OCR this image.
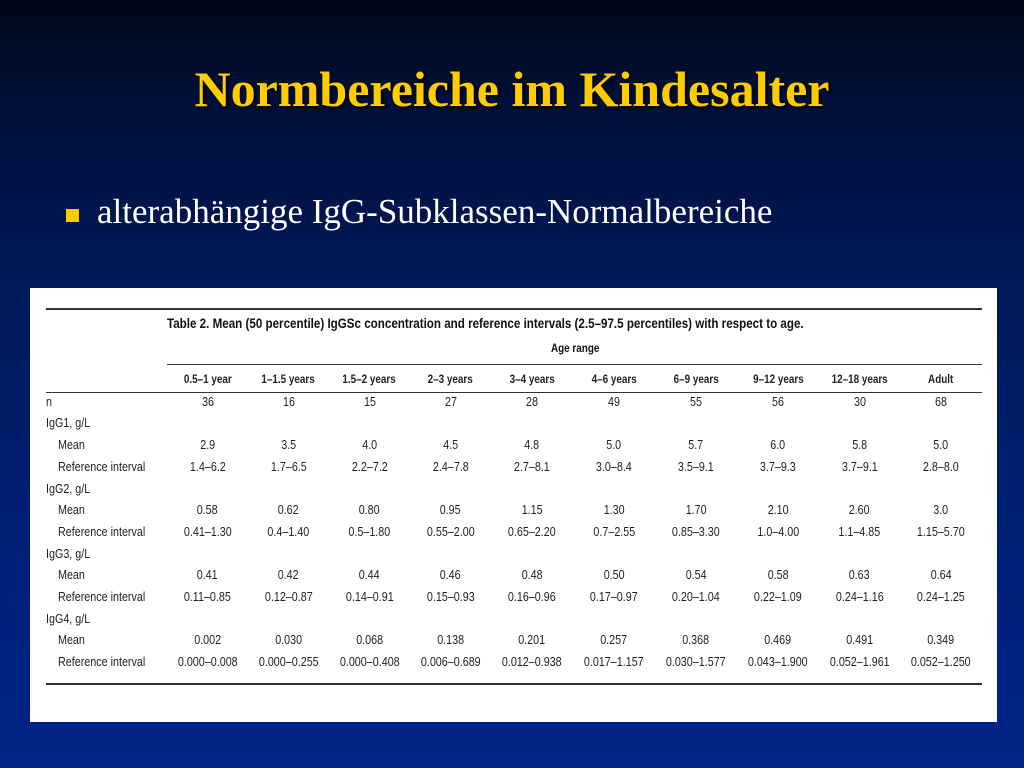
Normbereiche im Kindesalter
alterabhängige IgG-Subklassen-Normalbereiche
Table 2. Mean (50 percentile) IgGSc concentration and reference intervals (2.5–97.5 percentiles) with respect to age.
Age range
	0.5–1 year	1–1.5 years	1.5–2 years	2–3 years	3–4 years	4–6 years	6–9 years	9–12 years	12–18 years	Adult
n	36	16	15	27	28	49	55	56	30	68
IgG1, g/L										
Mean	2.9	3.5	4.0	4.5	4.8	5.0	5.7	6.0	5.8	5.0
Reference interval	1.4–6.2	1.7–6.5	2.2–7.2	2.4–7.8	2.7–8.1	3.0–8.4	3.5–9.1	3.7–9.3	3.7–9.1	2.8–8.0
IgG2, g/L										
Mean	0.58	0.62	0.80	0.95	1.15	1.30	1.70	2.10	2.60	3.0
Reference interval	0.41–1.30	0.4–1.40	0.5–1.80	0.55–2.00	0.65–2.20	0.7–2.55	0.85–3.30	1.0–4.00	1.1–4.85	1.15–5.70
IgG3, g/L										
Mean	0.41	0.42	0.44	0.46	0.48	0.50	0.54	0.58	0.63	0.64
Reference interval	0.11–0.85	0.12–0.87	0.14–0.91	0.15–0.93	0.16–0.96	0.17–0.97	0.20–1.04	0.22–1.09	0.24–1.16	0.24–1.25
IgG4, g/L										
Mean	0.002	0.030	0.068	0.138	0.201	0.257	0.368	0.469	0.491	0.349
Reference interval	0.000–0.008	0.000–0.255	0.000–0.408	0.006–0.689	0.012–0.938	0.017–1.157	0.030–1.577	0.043–1.900	0.052–1.961	0.052–1.250
